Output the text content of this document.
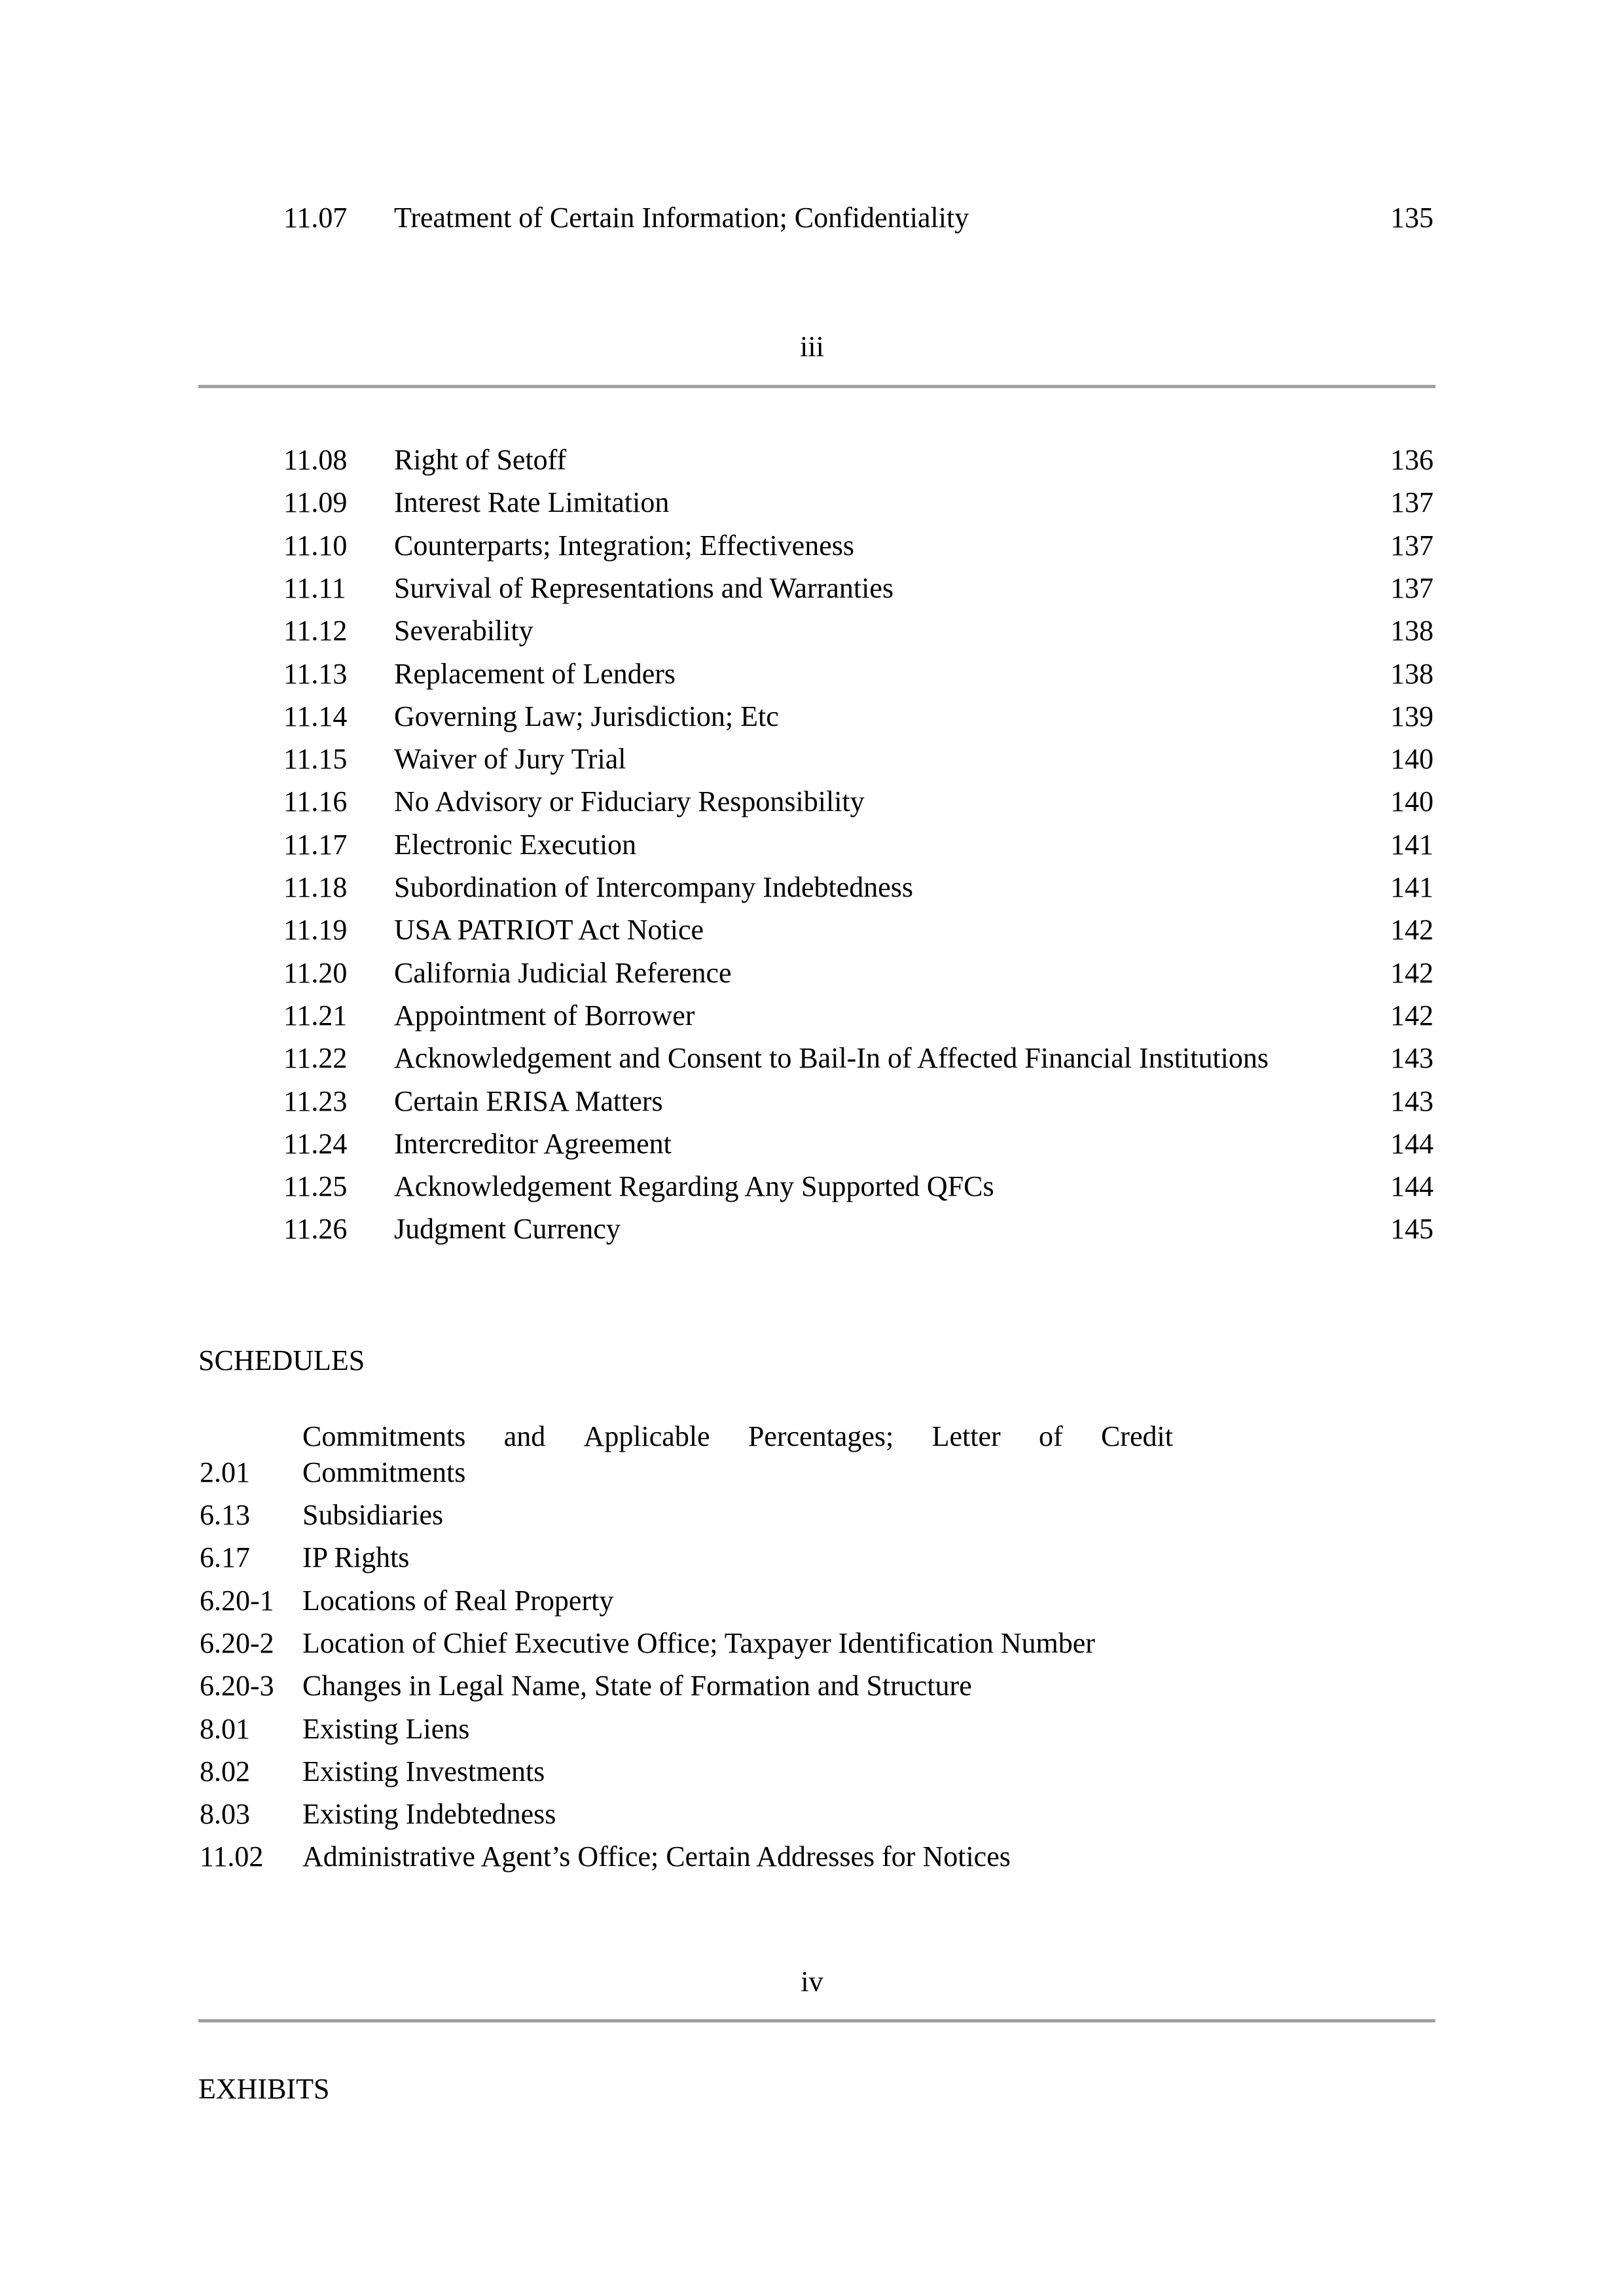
11.07 Treatment of Certain Information; Confidentiality	135
iii
11.08 Right of Setoff	136
11.09 Interest Rate Limitation	137
11.10 Counterparts; Integration; Effectiveness	137
11.11 Survival of Representations and Warranties	137
11.12 Severability	138
11.13 Replacement of Lenders	138
11.14 Governing Law; Jurisdiction; Etc	139
11.15 Waiver of Jury Trial	140
11.16 No Advisory or Fiduciary Responsibility	140
11.17 Electronic Execution	141
11.18 Subordination of Intercompany Indebtedness	141
11.19 USA PATRIOT Act Notice	142
11.20 California Judicial Reference	142
11.21 Appointment of Borrower	142
11.22 Acknowledgement and Consent to Bail-In of Affected Financial Institutions	143
11.23 Certain ERISA Matters	143
11.24 Intercreditor Agreement	144
11.25 Acknowledgement Regarding Any Supported QFCs	144
11.26 Judgment Currency	145
SCHEDULES
Commitments and Applicable Percentages; Letter of Credit
2.01 Commitments
6.13 Subsidiaries
6.17 IP Rights
6.20-1 Locations of Real Property
6.20-2 Location of Chief Executive Office; Taxpayer Identification Number
6.20-3 Changes in Legal Name, State of Formation and Structure
8.01 Existing Liens
8.02 Existing Investments
8.03 Existing Indebtedness
11.02 Administrative Agent’s Office; Certain Addresses for Notices
iv
EXHIBITS
